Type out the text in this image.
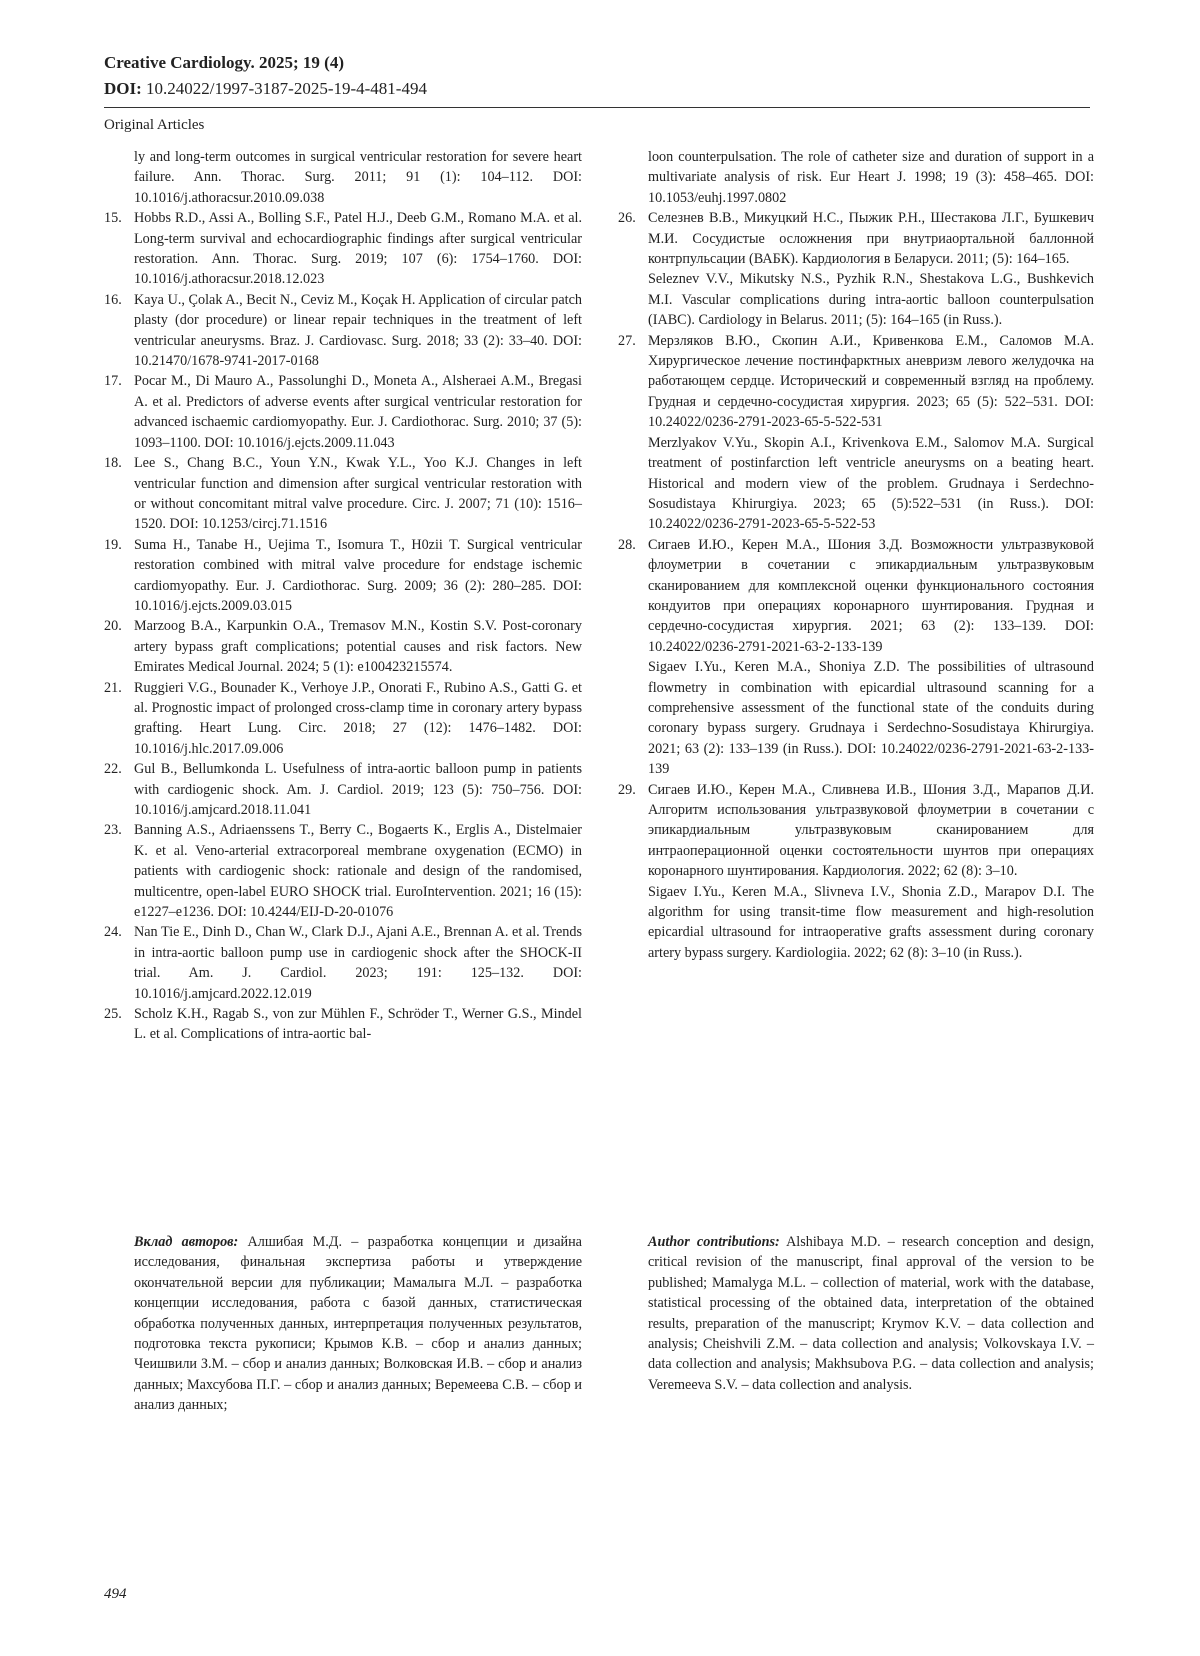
Creative Cardiology. 2025; 19 (4)
DOI: 10.24022/1997-3187-2025-19-4-481-494
Original Articles

ly and long-term outcomes in surgical ventricular restoration for severe heart failure. Ann. Thorac. Surg. 2011; 91 (1): 104–112. DOI: 10.1016/j.athoracsur.2010.09.038

15. Hobbs R.D., Assi A., Bolling S.F., Patel H.J., Deeb G.M., Romano M.A. et al. Long-term survival and echocardiographic findings after surgical ventricular restoration. Ann. Thorac. Surg. 2019; 107 (6): 1754–1760. DOI: 10.1016/j.athoracsur.2018.12.023
16. Kaya U., Çolak A., Becit N., Ceviz M., Koçak H. Application of circular patch plasty (dor procedure) or linear repair techniques in the treatment of left ventricular aneurysms. Braz. J. Cardiovasc. Surg. 2018; 33 (2): 33–40. DOI: 10.21470/1678-9741-2017-0168
17. Pocar M., Di Mauro A., Passolunghi D., Moneta A., Alsheraei A.M., Bregasi A. et al. Predictors of adverse events after surgical ventricular restoration for advanced ischaemic cardiomyopathy. Eur. J. Cardiothorac. Surg. 2010; 37 (5): 1093–1100. DOI: 10.1016/j.ejcts.2009.11.043
18. Lee S., Chang B.C., Youn Y.N., Kwak Y.L., Yoo K.J. Changes in left ventricular function and dimension after surgical ventricular restoration with or without concomitant mitral valve procedure. Circ. J. 2007; 71 (10): 1516–1520. DOI: 10.1253/circj.71.1516
19. Suma H., Tanabe H., Uejima T., Isomura T., H0zii T. Surgical ventricular restoration combined with mitral valve procedure for endstage ischemic cardiomyopathy. Eur. J. Cardiothorac. Surg. 2009; 36 (2): 280–285. DOI: 10.1016/j.ejcts.2009.03.015
20. Marzoog B.A., Karpunkin O.A., Tremasov M.N., Kostin S.V. Post-coronary artery bypass graft complications; potential causes and risk factors. New Emirates Medical Journal. 2024; 5 (1): e100423215574.
21. Ruggieri V.G., Bounader K., Verhoye J.P., Onorati F., Rubino A.S., Gatti G. et al. Prognostic impact of prolonged cross-clamp time in coronary artery bypass grafting. Heart Lung. Circ. 2018; 27 (12): 1476–1482. DOI: 10.1016/j.hlc.2017.09.006
22. Gul B., Bellumkonda L. Usefulness of intra-aortic balloon pump in patients with cardiogenic shock. Am. J. Cardiol. 2019; 123 (5): 750–756. DOI: 10.1016/j.amjcard.2018.11.041
23. Banning A.S., Adriaenssens T., Berry C., Bogaerts K., Erglis A., Distelmaier K. et al. Veno-arterial extracorporeal membrane oxygenation (ECMO) in patients with cardiogenic shock: rationale and design of the randomised, multicentre, open-label EURO SHOCK trial. EuroIntervention. 2021; 16 (15): e1227–e1236. DOI: 10.4244/EIJ-D-20-01076
24. Nan Tie E., Dinh D., Chan W., Clark D.J., Ajani A.E., Brennan A. et al. Trends in intra-aortic balloon pump use in cardiogenic shock after the SHOCK-II trial. Am. J. Cardiol. 2023; 191: 125–132. DOI: 10.1016/j.amjcard.2022.12.019
25. Scholz K.H., Ragab S., von zur Mühlen F., Schröder T., Werner G.S., Mindel L. et al. Complications of intra-aortic bal-

loon counterpulsation. The role of catheter size and duration of support in a multivariate analysis of risk. Eur Heart J. 1998; 19 (3): 458–465. DOI: 10.1053/euhj.1997.0802

26. Селезнев В.В., Микуцкий Н.С., Пыжик Р.Н., Шестакова Л.Г., Бушкевич М.И. Сосудистые осложнения при внутриаортальной баллонной контрпульсации (ВАБК). Кардиология в Беларуси. 2011; (5): 164–165.

Seleznev V.V., Mikutsky N.S., Pyzhik R.N., Shestakova L.G., Bushkevich M.I. Vascular complications during intra-aortic balloon counterpulsation (IABC). Cardiology in Belarus. 2011; (5): 164–165 (in Russ.).

27. Мерзляков В.Ю., Скопин А.И., Кривенкова Е.М., Саломов М.А. Хирургическое лечение постинфарктных аневризм левого желудочка на работающем сердце. Исторический и современный взгляд на проблему. Грудная и сердечно-сосудистая хирургия. 2023; 65 (5): 522–531. DOI: 10.24022/0236-2791-2023-65-5-522-531

Merzlyakov V.Yu., Skopin A.I., Krivenkova E.M., Salomov M.A. Surgical treatment of postinfarction left ventricle aneurysms on a beating heart. Historical and modern view of the problem. Grudnaya i Serdechno-Sosudistaya Khirurgiya. 2023; 65 (5):522–531 (in Russ.). DOI: 10.24022/0236-2791-2023-65-5-522-53

28. Сигаев И.Ю., Керен М.А., Шония З.Д. Возможности ультразвуковой флоуметрии в сочетании с эпикардиальным ультразвуковым сканированием для комплексной оценки функционального состояния кондуитов при операциях коронарного шунтирования. Грудная и сердечно-сосудистая хирургия. 2021; 63 (2): 133–139. DOI: 10.24022/0236-2791-2021-63-2-133-139

Sigaev I.Yu., Keren M.A., Shoniya Z.D. The possibilities of ultrasound flowmetry in combination with epicardial ultrasound scanning for a comprehensive assessment of the functional state of the conduits during coronary bypass surgery. Grudnaya i Serdechno-Sosudistaya Khirurgiya. 2021; 63 (2): 133–139 (in Russ.). DOI: 10.24022/0236-2791-2021-63-2-133-139

29. Сигаев И.Ю., Керен М.А., Сливнева И.В., Шония З.Д., Марапов Д.И. Алгоритм использования ультразвуковой флоуметрии в сочетании с эпикардиальным ультразвуковым сканированием для интраоперационной оценки состоятельности шунтов при операциях коронарного шунтирования. Кардиология. 2022; 62 (8): 3–10.

Sigaev I.Yu., Keren M.A., Slivneva I.V., Shonia Z.D., Marapov D.I. The algorithm for using transit-time flow measurement and high-resolution epicardial ultrasound for intraoperative grafts assessment during coronary artery bypass surgery. Kardiologiia. 2022; 62 (8): 3–10 (in Russ.).

Вклад авторов: Алшибая М.Д. – разработка концепции и дизайна исследования, финальная экспертиза работы и утверждение окончательной версии для публикации; Мамалыга М.Л. – разработка концепции исследования, работа с базой данных, статистическая обработка полученных данных, интерпретация полученных результатов, подготовка текста рукописи; Крымов К.В. – сбор и анализ данных; Чеишвили З.М. – сбор и анализ данных; Волковская И.В. – сбор и анализ данных; Махсубова П.Г. – сбор и анализ данных; Веремеева С.В. – сбор и анализ данных;
Author contributions: Alshibaya M.D. – research conception and design, critical revision of the manuscript, final approval of the version to be published; Mamalyga M.L. – collection of material, work with the database, statistical processing of the obtained data, interpretation of the obtained results, preparation of the manuscript; Krymov K.V. – data collection and analysis; Cheishvili Z.M. – data collection and analysis; Volkovskaya I.V. – data collection and analysis; Makhsubova P.G. – data collection and analysis; Veremeeva S.V. – data collection and analysis.
494
